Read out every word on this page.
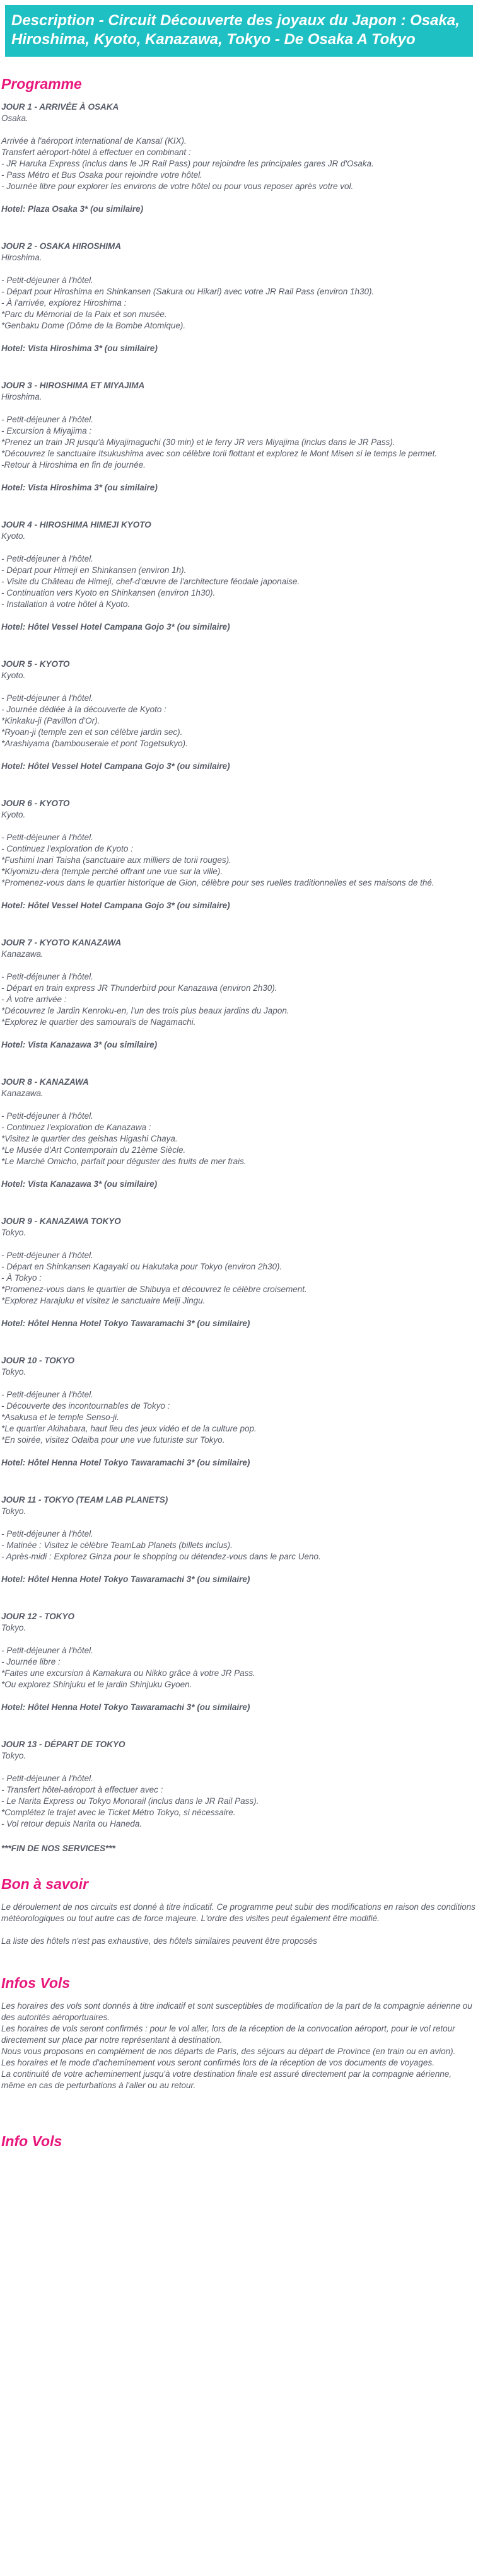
Description - Circuit Découverte des joyaux du Japon : Osaka, Hiroshima, Kyoto, Kanazawa, Tokyo - De Osaka A Tokyo
Programme
JOUR 1 - ARRIVÉE À OSAKA
Osaka.
Arrivée à l'aéroport international de Kansaï (KIX).
Transfert aéroport-hôtel à effectuer en combinant :
- JR Haruka Express (inclus dans le JR Rail Pass) pour rejoindre les principales gares JR d'Osaka.
- Pass Métro et Bus Osaka pour rejoindre votre hôtel.
- Journée libre pour explorer les environs de votre hôtel ou pour vous reposer après votre vol.
Hotel: Plaza Osaka 3* (ou similaire)
JOUR 2 - OSAKA HIROSHIMA
Hiroshima.
- Petit-déjeuner à l'hôtel.
- Départ pour Hiroshima en Shinkansen (Sakura ou Hikari) avec votre JR Rail Pass (environ 1h30).
- À l'arrivée, explorez Hiroshima :
*Parc du Mémorial de la Paix et son musée.
*Genbaku Dome (Dôme de la Bombe Atomique).
Hotel: Vista Hiroshima 3* (ou similaire)
JOUR 3 - HIROSHIMA ET MIYAJIMA
Hiroshima.
- Petit-déjeuner à l'hôtel.
- Excursion à Miyajima :
*Prenez un train JR jusqu'à Miyajimaguchi (30 min) et le ferry JR vers Miyajima (inclus dans le JR Pass).
*Découvrez le sanctuaire Itsukushima avec son célèbre torii flottant et explorez le Mont Misen si le temps le permet.
-Retour à Hiroshima en fin de journée.
Hotel: Vista Hiroshima 3* (ou similaire)
JOUR 4 - HIROSHIMA HIMEJI KYOTO
Kyoto.
- Petit-déjeuner à l'hôtel.
- Départ pour Himeji en Shinkansen (environ 1h).
- Visite du Château de Himeji, chef-d'œuvre de l'architecture féodale japonaise.
- Continuation vers Kyoto en Shinkansen (environ 1h30).
- Installation à votre hôtel à Kyoto.
Hotel: Hôtel Vessel Hotel Campana Gojo 3* (ou similaire)
JOUR 5 - KYOTO
Kyoto.
- Petit-déjeuner à l'hôtel.
- Journée dédiée à la découverte de Kyoto :
*Kinkaku-ji (Pavillon d'Or).
*Ryoan-ji (temple zen et son célèbre jardin sec).
*Arashiyama (bambouseraie et pont Togetsukyo).
Hotel: Hôtel Vessel Hotel Campana Gojo 3* (ou similaire)
JOUR 6 - KYOTO
Kyoto.
- Petit-déjeuner à l'hôtel.
- Continuez l'exploration de Kyoto :
*Fushimi Inari Taisha (sanctuaire aux milliers de torii rouges).
*Kiyomizu-dera (temple perché offrant une vue sur la ville).
*Promenez-vous dans le quartier historique de Gion, célèbre pour ses ruelles traditionnelles et ses maisons de thé.
Hotel: Hôtel Vessel Hotel Campana Gojo 3* (ou similaire)
JOUR 7 - KYOTO KANAZAWA
Kanazawa.
- Petit-déjeuner à l'hôtel.
- Départ en train express JR Thunderbird pour Kanazawa (environ 2h30).
- À votre arrivée :
*Découvrez le Jardin Kenroku-en, l'un des trois plus beaux jardins du Japon.
*Explorez le quartier des samouraïs de Nagamachi.
Hotel: Vista Kanazawa 3* (ou similaire)
JOUR 8 - KANAZAWA
Kanazawa.
- Petit-déjeuner à l'hôtel.
- Continuez l'exploration de Kanazawa :
*Visitez le quartier des geishas Higashi Chaya.
*Le Musée d'Art Contemporain du 21ème Siècle.
*Le Marché Omicho, parfait pour déguster des fruits de mer frais.
Hotel: Vista Kanazawa 3* (ou similaire)
JOUR 9 - KANAZAWA TOKYO
Tokyo.
- Petit-déjeuner à l'hôtel.
- Départ en Shinkansen Kagayaki ou Hakutaka pour Tokyo (environ 2h30).
- À Tokyo :
*Promenez-vous dans le quartier de Shibuya et découvrez le célèbre croisement.
*Explorez Harajuku et visitez le sanctuaire Meiji Jingu.
Hotel: Hôtel Henna Hotel Tokyo Tawaramachi 3* (ou similaire)
JOUR 10 - TOKYO
Tokyo.
- Petit-déjeuner à l'hôtel.
- Découverte des incontournables de Tokyo :
*Asakusa et le temple Senso-ji.
*Le quartier Akihabara, haut lieu des jeux vidéo et de la culture pop.
*En soirée, visitez Odaiba pour une vue futuriste sur Tokyo.
Hotel: Hôtel Henna Hotel Tokyo Tawaramachi 3* (ou similaire)
JOUR 11 - TOKYO (TEAM LAB PLANETS)
Tokyo.
- Petit-déjeuner à l'hôtel.
- Matinée : Visitez le célèbre TeamLab Planets (billets inclus).
- Après-midi : Explorez Ginza pour le shopping ou détendez-vous dans le parc Ueno.
Hotel: Hôtel Henna Hotel Tokyo Tawaramachi 3* (ou similaire)
JOUR 12 - TOKYO
Tokyo.
- Petit-déjeuner à l'hôtel.
- Journée libre :
*Faites une excursion à Kamakura ou Nikko grâce à votre JR Pass.
*Ou explorez Shinjuku et le jardin Shinjuku Gyoen.
Hotel: Hôtel Henna Hotel Tokyo Tawaramachi 3* (ou similaire)
JOUR 13 - DÉPART DE TOKYO
Tokyo.
- Petit-déjeuner à l'hôtel.
- Transfert hôtel-aéroport à effectuer avec :
- Le Narita Express ou Tokyo Monorail (inclus dans le JR Rail Pass).
*Complétez le trajet avec le Ticket Métro Tokyo, si nécessaire.
- Vol retour depuis Narita ou Haneda.
***FIN DE NOS SERVICES***
Bon à savoir
Le déroulement de nos circuits est donné à titre indicatif. Ce programme peut subir des modifications en raison des conditions météorologiques ou tout autre cas de force majeure. L'ordre des visites peut également être modifié.
La liste des hôtels n'est pas exhaustive, des hôtels similaires peuvent être proposés
Infos Vols
Les horaires des vols sont donnés à titre indicatif et sont susceptibles de modification de la part de la compagnie aérienne ou des autorités aéroportuaires.
Les horaires de vols seront confirmés : pour le vol aller, lors de la réception de la convocation aéroport, pour le vol retour directement sur place par notre représentant à destination.
Nous vous proposons en complément de nos départs de Paris, des séjours au départ de Province (en train ou en avion).
Les horaires et le mode d'acheminement vous seront confirmés lors de la réception de vos documents de voyages.
La continuité de votre acheminement jusqu'à votre destination finale est assuré directement par la compagnie aérienne, même en cas de perturbations à l'aller ou au retour.
Info Vols
